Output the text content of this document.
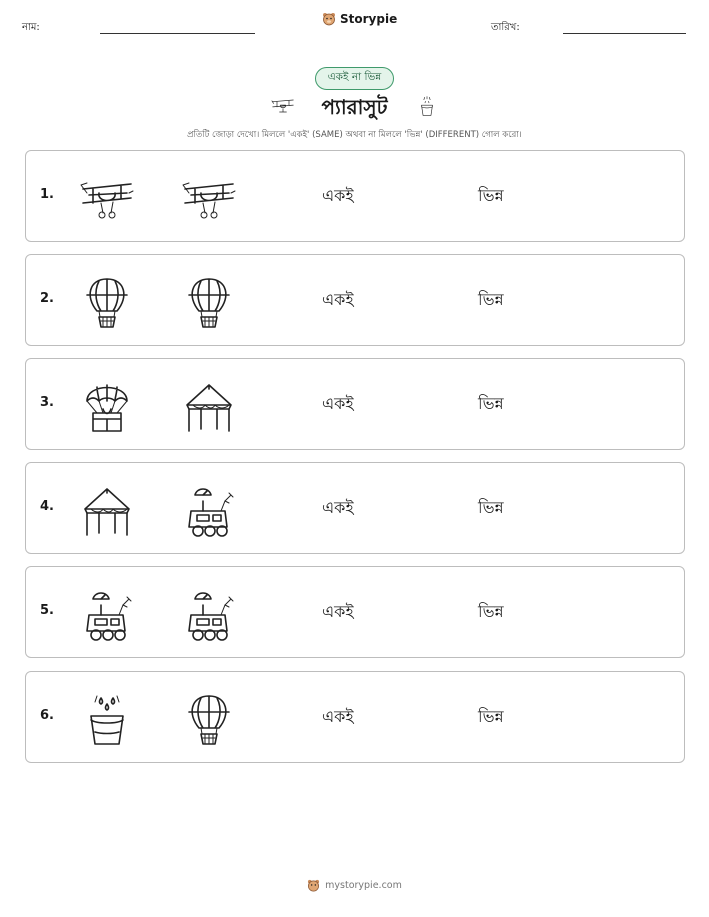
নাম:
Storypie
তারিখ:
একই না ভিন্ন
প্যারাসুট
প্রতিটি জোড়া দেখো। মিললে 'একই' (SAME) অথবা না মিললে 'ভিন্ন' (DIFFERENT) গোল করো।
1.	একই	ভিন্ন
2.	একই	ভিন্ন
3.	একই	ভিন্ন
4.	একই	ভিন্ন
5.	একই	ভিন্ন
6.	একই	ভিন্ন
mystorypie.com
